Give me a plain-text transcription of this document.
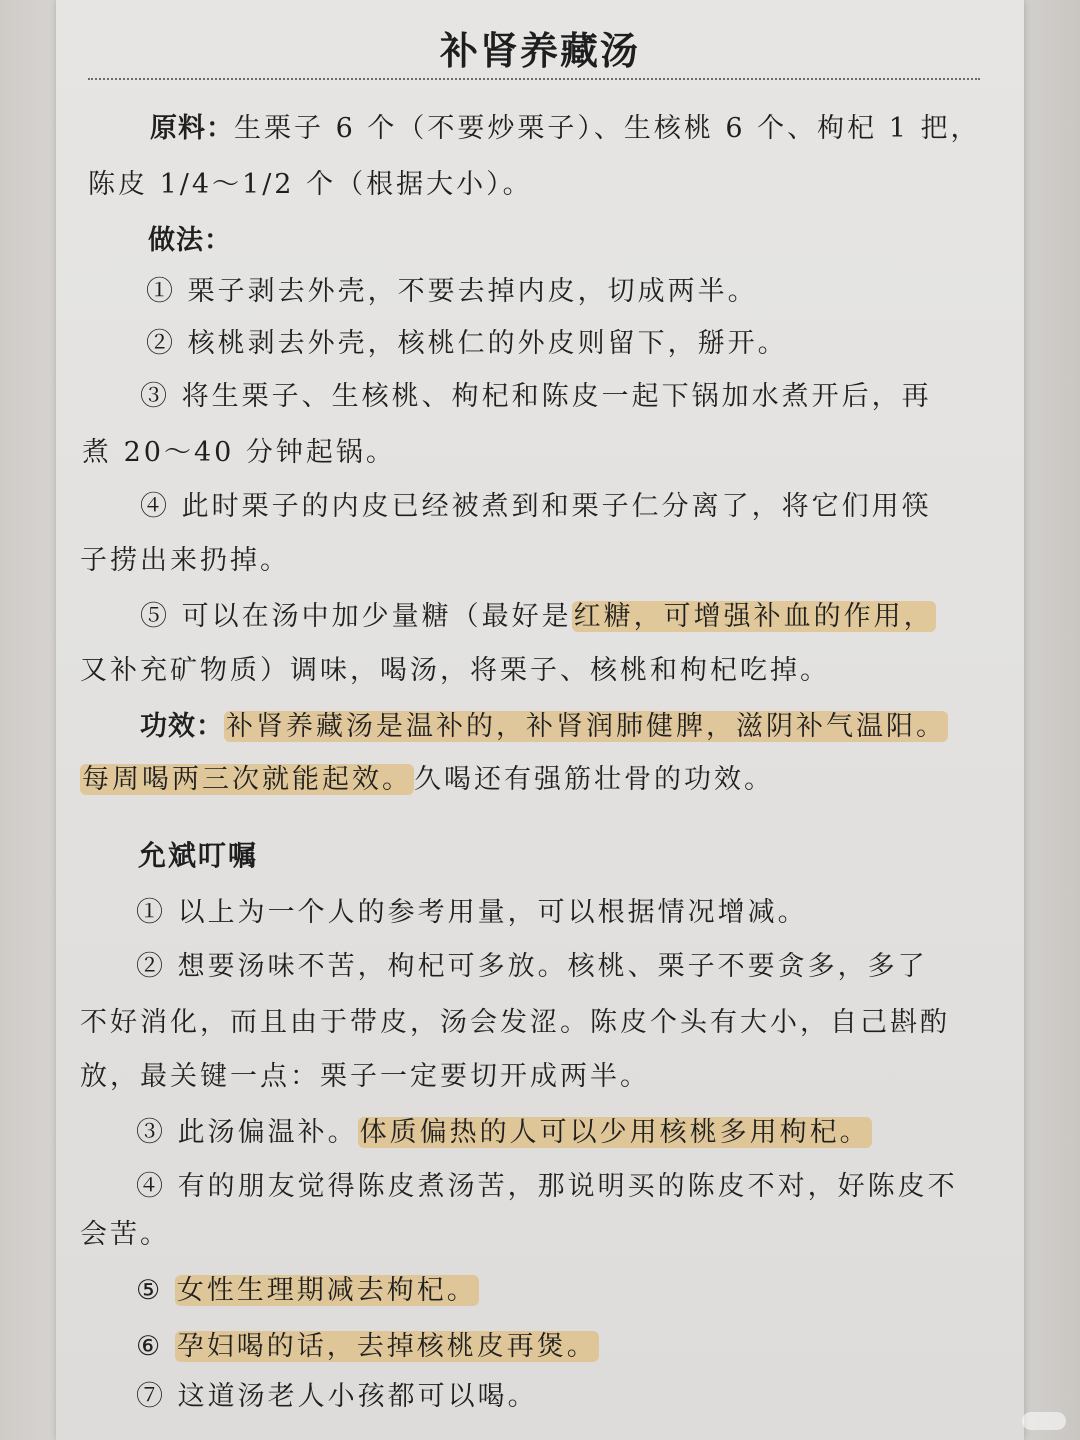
补肾养藏汤
原料：生栗子 6 个（不要炒栗子）、生核桃 6 个、枸杞 1 把，
陈皮 1/4～1/2 个（根据大小）。
做法：
① 栗子剥去外壳，不要去掉内皮，切成两半。
② 核桃剥去外壳，核桃仁的外皮则留下，掰开。
③ 将生栗子、生核桃、枸杞和陈皮一起下锅加水煮开后，再
煮 20～40 分钟起锅。
④ 此时栗子的内皮已经被煮到和栗子仁分离了，将它们用筷
子捞出来扔掉。
⑤ 可以在汤中加少量糖（最好是红糖，可增强补血的作用，
又补充矿物质）调味，喝汤，将栗子、核桃和枸杞吃掉。
功效：补肾养藏汤是温补的，补肾润肺健脾，滋阴补气温阳。
每周喝两三次就能起效。久喝还有强筋壮骨的功效。
允斌叮嘱
① 以上为一个人的参考用量，可以根据情况增减。
② 想要汤味不苦，枸杞可多放。核桃、栗子不要贪多，多了
不好消化，而且由于带皮，汤会发涩。陈皮个头有大小，自己斟酌
放，最关键一点：栗子一定要切开成两半。
③ 此汤偏温补。体质偏热的人可以少用核桃多用枸杞。
④ 有的朋友觉得陈皮煮汤苦，那说明买的陈皮不对，好陈皮不
会苦。
⑤ 女性生理期减去枸杞。
⑥ 孕妇喝的话，去掉核桃皮再煲。
⑦ 这道汤老人小孩都可以喝。
